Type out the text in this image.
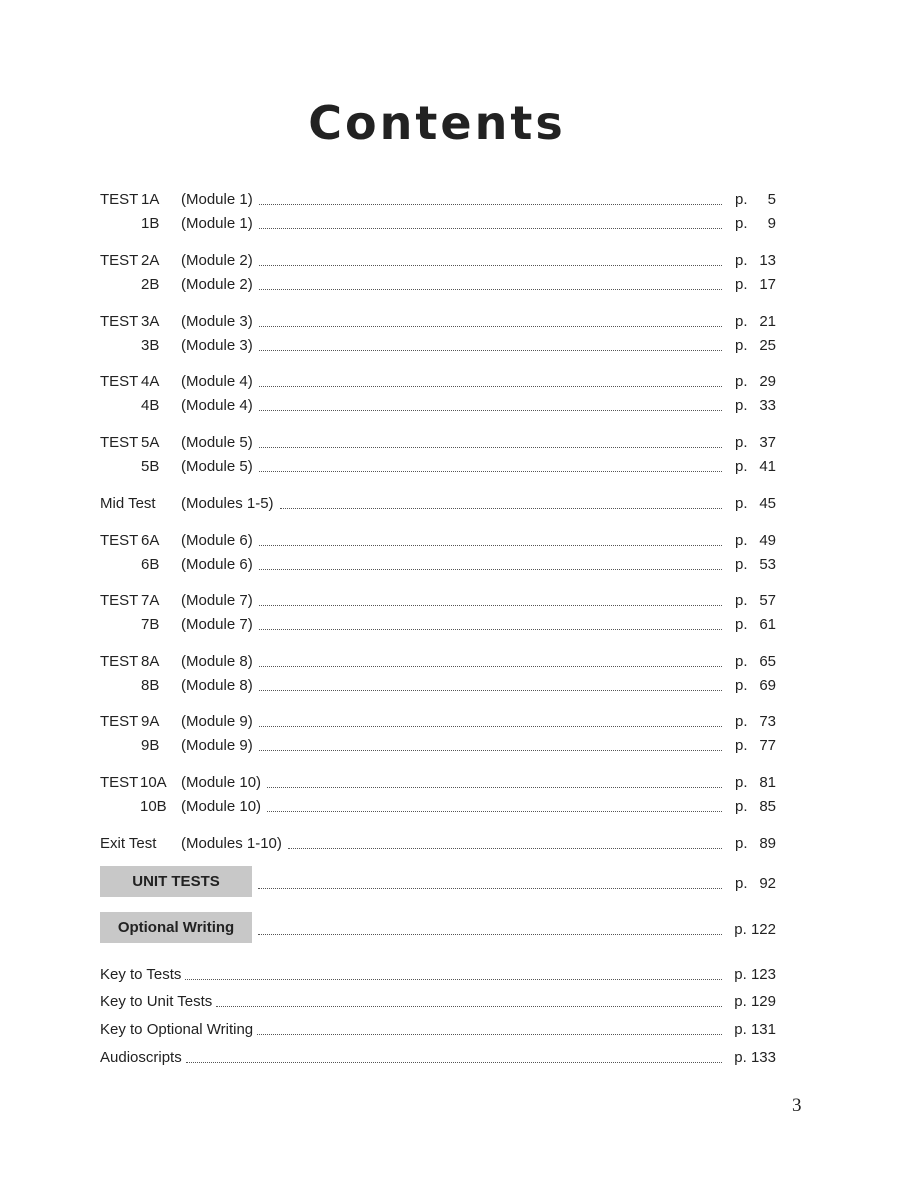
Contents
TEST 1A (Module 1)	p. 5
1B (Module 1)	p. 9
TEST 2A (Module 2)	p. 13
2B (Module 2)	p. 17
TEST 3A (Module 3)	p. 21
3B (Module 3)	p. 25
TEST 4A (Module 4)	p. 29
4B (Module 4)	p. 33
TEST 5A (Module 5)	p. 37
5B (Module 5)	p. 41
Mid Test (Modules 1-5)	p. 45
TEST 6A (Module 6)	p. 49
6B (Module 6)	p. 53
TEST 7A (Module 7)	p. 57
7B (Module 7)	p. 61
TEST 8A (Module 8)	p. 65
8B (Module 8)	p. 69
TEST 9A (Module 9)	p. 73
9B (Module 9)	p. 77
TEST 10A (Module 10)	p. 81
10B (Module 10)	p. 85
Exit Test (Modules 1-10)	p. 89
UNIT TESTS	p. 92
Optional Writing	p. 122
Key to Tests	p. 123
Key to Unit Tests	p. 129
Key to Optional Writing	p. 131
Audioscripts	p. 133
3
